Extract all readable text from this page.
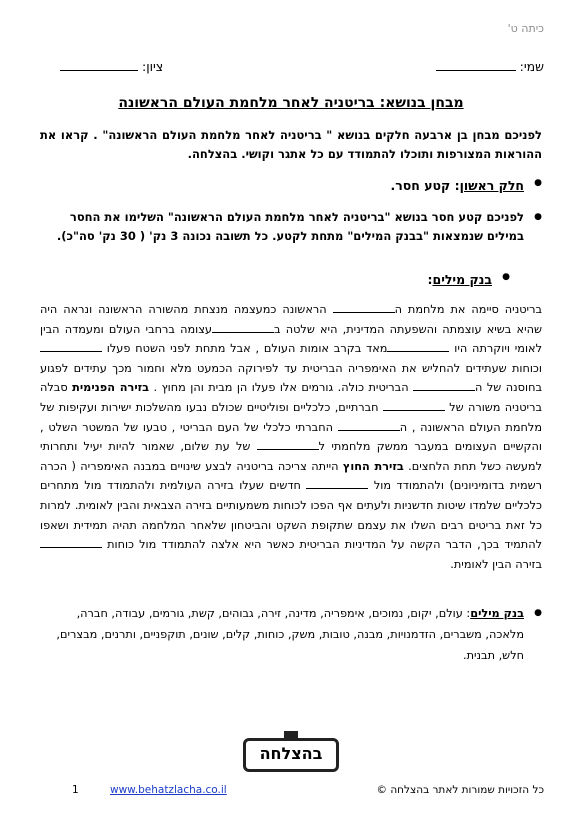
כיתה ט'
שמי:
ציון:
מבחן בנושא: בריטניה לאחר מלחמת העולם הראשונה
לפניכם מבחן בן ארבעה חלקים בנושא " בריטניה לאחר מלחמת העולם הראשונה" . קראו את ההוראות המצורפות ותוכלו להתמודד עם כל אתגר וקושי. בהצלחה.
● חלק ראשון: קטע חסר.
● לפניכם קטע חסר בנושא "בריטניה לאחר מלחמת העולם הראשונה" השלימו את החסר במילים שנמצאות "בבנק המילים" מתחת לקטע. כל תשובה נכונה 3 נק' ( 30 נק' סה"כ).
● בנק מילים:
בריטניה סיימה את מלחמת ה הראשונה כמעצמה מנצחת מהשורה הראשונה ונראה היה שהיא בשיא עוצמתה והשפעתה המדינית, היא שלטה בעצומה ברחבי העולם ומעמדה הבין לאומי ויוקרתה היו מאד בקרב אומות העולם , אבל מתחת לפני השטח פעלו  וכוחות שעתידים להחליש את האימפריה הבריטית עד לפירוקה הכמעט מלא וחמור מכך עתידים לפגוע בחוסנה של ה הבריטית כולה. גורמים אלו פעלו הן מבית והן מחוץ . בזירה הפנימית סבלה בריטניה משורה של  חברתיים, כלכליים ופוליטיים שכולם נבעו מהשלכות ישירות ועקיפות של מלחמת העולם הראשונה , ה החברתי כלכלי של העם הבריטי , טבעו של המשטר השלט , והקשיים העצומים במעבר ממשק מלחמתי ל של עת שלום, שאמור להיות יעיל ותחרותי למעשה כשל תחת הלחצים. בזירת החוץ הייתה צריכה בריטניה לבצע שינויים במבנה האימפריה ( הכרה רשמית בדומיניונים) ולהתמודד מול  חדשים שעלו בזירה העולמית ולהתמודד מול מתחרים כלכליים שלמדו שיטות חדשניות ולעתים אף הפכו לכוחות משמעותיים בזירה הצבאית והבין לאומית. למרות כל זאת בריטים רבים השלו את עצמם שתקופת השקט והביטחון שלאחר המלחמה תהיה תמידית ושאפו להתמיד בכך, הדבר הקשה על המדיניות הבריטית כאשר היא אלצה להתמודד מול כוחות  בזירה הבין לאומית.
● בנק מילים: עולם, יקום, נמוכים, אימפריה, מדינה, זירה, גבוהים, קשת, גורמים, עבודה, חברה, מלאכה, משברים, הזדמנויות, מבנה, טובות, משק, כוחות, קלים, שונים, תוקפניים, ותרנים, מבצרים, חלש, תבנית.
בהצלחה
1	www.behatzlacha.co.il	כל הזכויות שמורות לאתר בהצלחה ©
